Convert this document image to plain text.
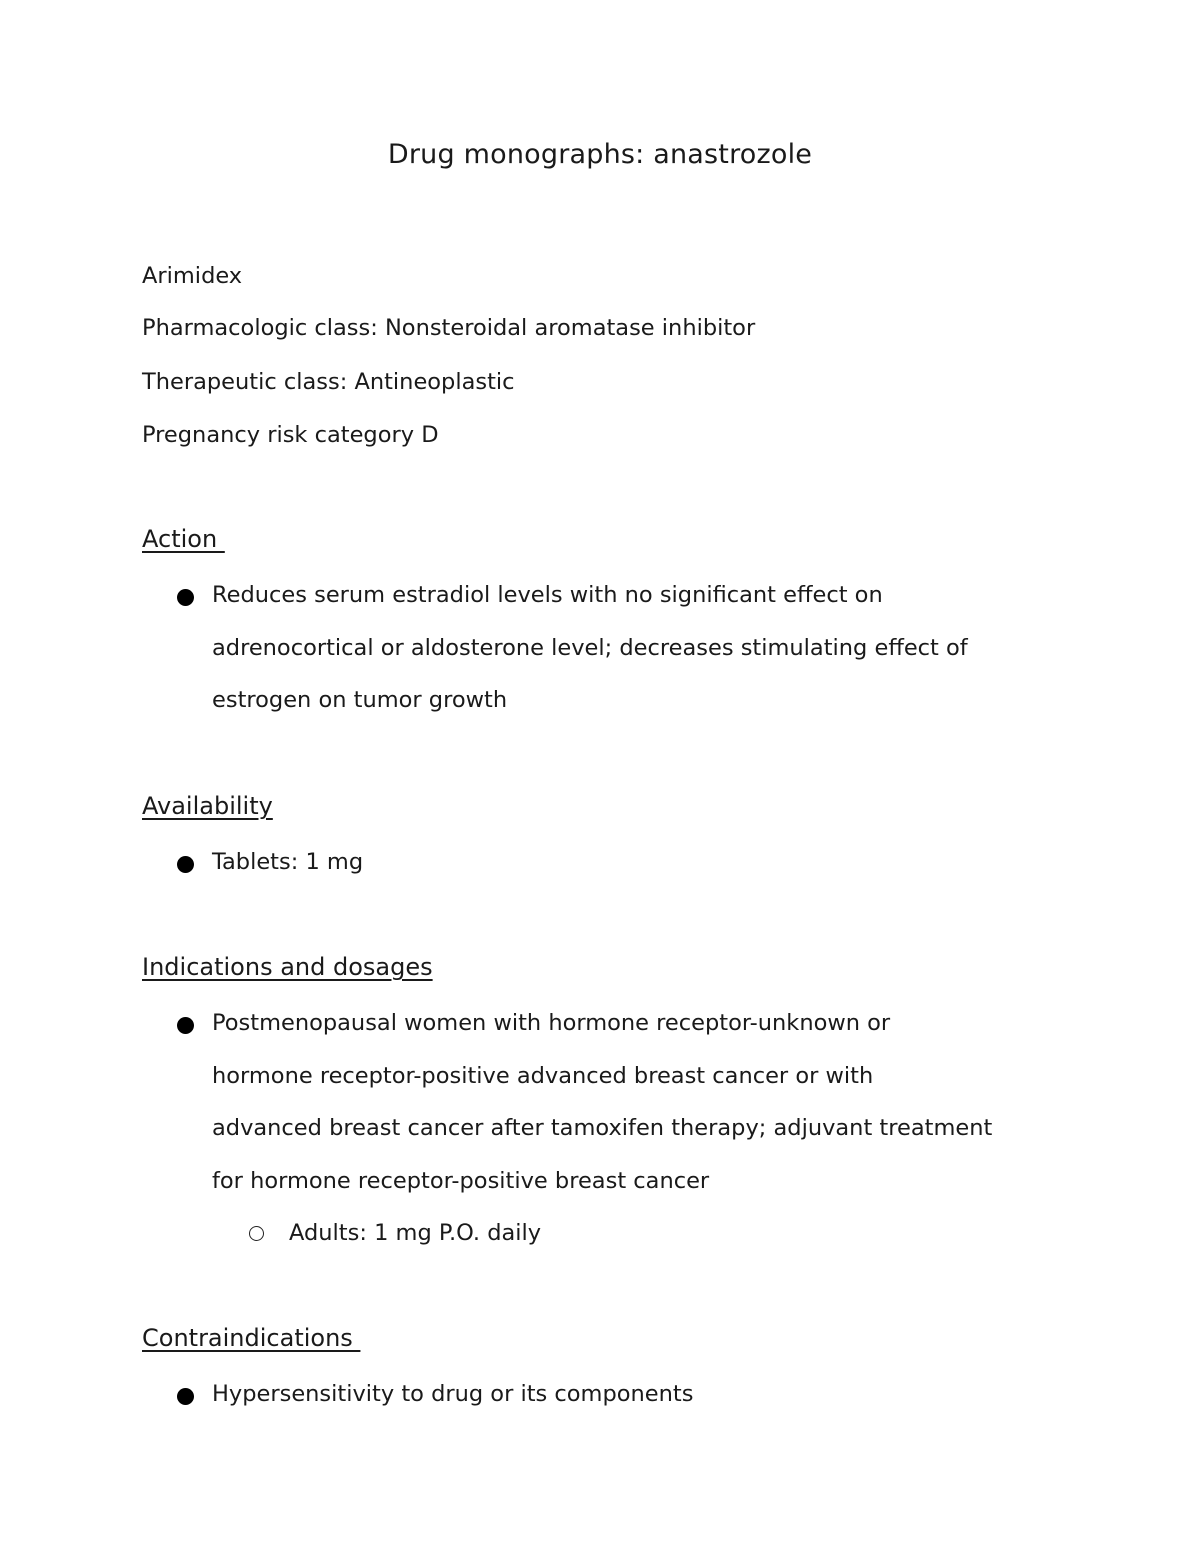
Drug monographs: anastrozole
Arimidex
Pharmacologic class: Nonsteroidal aromatase inhibitor
Therapeutic class: Antineoplastic
Pregnancy risk category D
Action
Reduces serum estradiol levels with no significant effect on
adrenocortical or aldosterone level; decreases stimulating effect of
estrogen on tumor growth
Availability
Tablets: 1 mg
Indications and dosages
Postmenopausal women with hormone receptor-unknown or
hormone receptor-positive advanced breast cancer or with
advanced breast cancer after tamoxifen therapy; adjuvant treatment
for hormone receptor-positive breast cancer
Adults: 1 mg P.O. daily
Contraindications
Hypersensitivity to drug or its components
